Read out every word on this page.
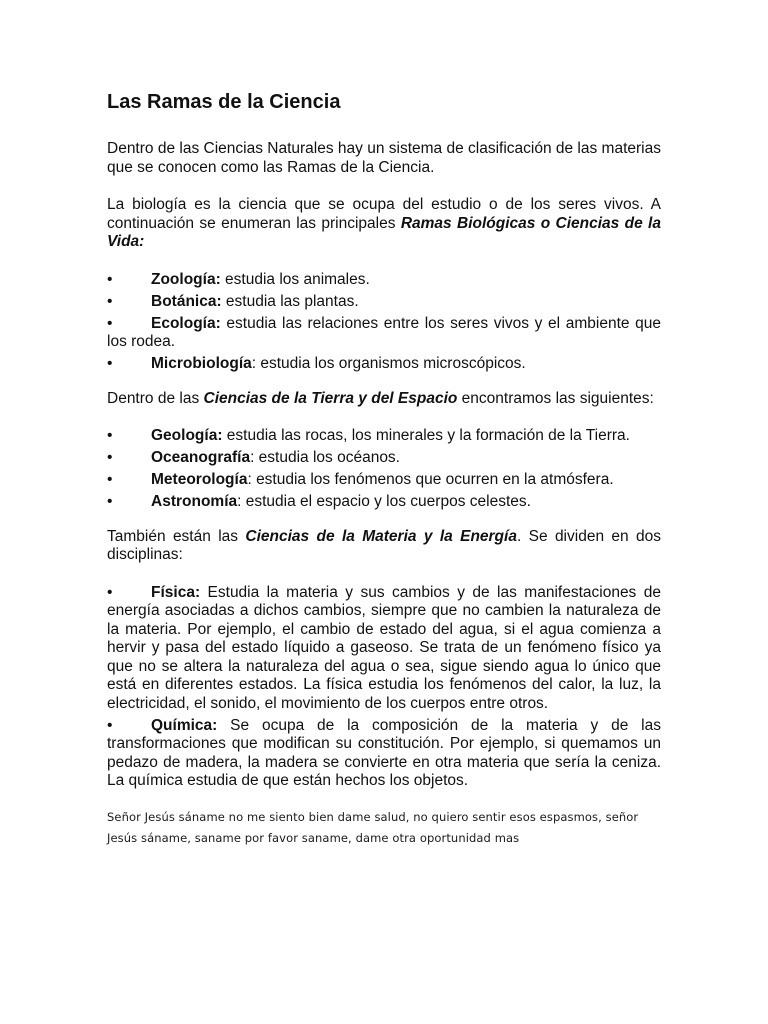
Las Ramas de la Ciencia

Dentro de las Ciencias Naturales hay un sistema de clasificación de las materias que se conocen como las Ramas de la Ciencia.

La biología es la ciencia que se ocupa del estudio o de los seres vivos. A continuación se enumeran las principales Ramas Biológicas o Ciencias de la Vida:

• Zoología: estudia los animales.
• Botánica: estudia las plantas.
• Ecología: estudia las relaciones entre los seres vivos y el ambiente que los rodea.
• Microbiología: estudia los organismos microscópicos.

Dentro de las Ciencias de la Tierra y del Espacio encontramos las siguientes:

• Geología: estudia las rocas, los minerales y la formación de la Tierra.
• Oceanografía: estudia los océanos.
• Meteorología: estudia los fenómenos que ocurren en la atmósfera.
• Astronomía: estudia el espacio y los cuerpos celestes.

También están las Ciencias de la Materia y la Energía. Se dividen en dos disciplinas:

• Física: Estudia la materia y sus cambios y de las manifestaciones de energía asociadas a dichos cambios, siempre que no cambien la naturaleza de la materia. Por ejemplo, el cambio de estado del agua, si el agua comienza a hervir y pasa del estado líquido a gaseoso. Se trata de un fenómeno físico ya que no se altera la naturaleza del agua o sea, sigue siendo agua lo único que está en diferentes estados. La física estudia los fenómenos del calor, la luz, la electricidad, el sonido, el movimiento de los cuerpos entre otros.
• Química: Se ocupa de la composición de la materia y de las transformaciones que modifican su constitución. Por ejemplo, si quemamos un pedazo de madera, la madera se convierte en otra materia que sería la ceniza. La química estudia de que están hechos los objetos.

Señor Jesús sáname no me siento bien dame salud, no quiero sentir esos espasmos, señor Jesús sáname, saname por favor saname, dame otra oportunidad mas
